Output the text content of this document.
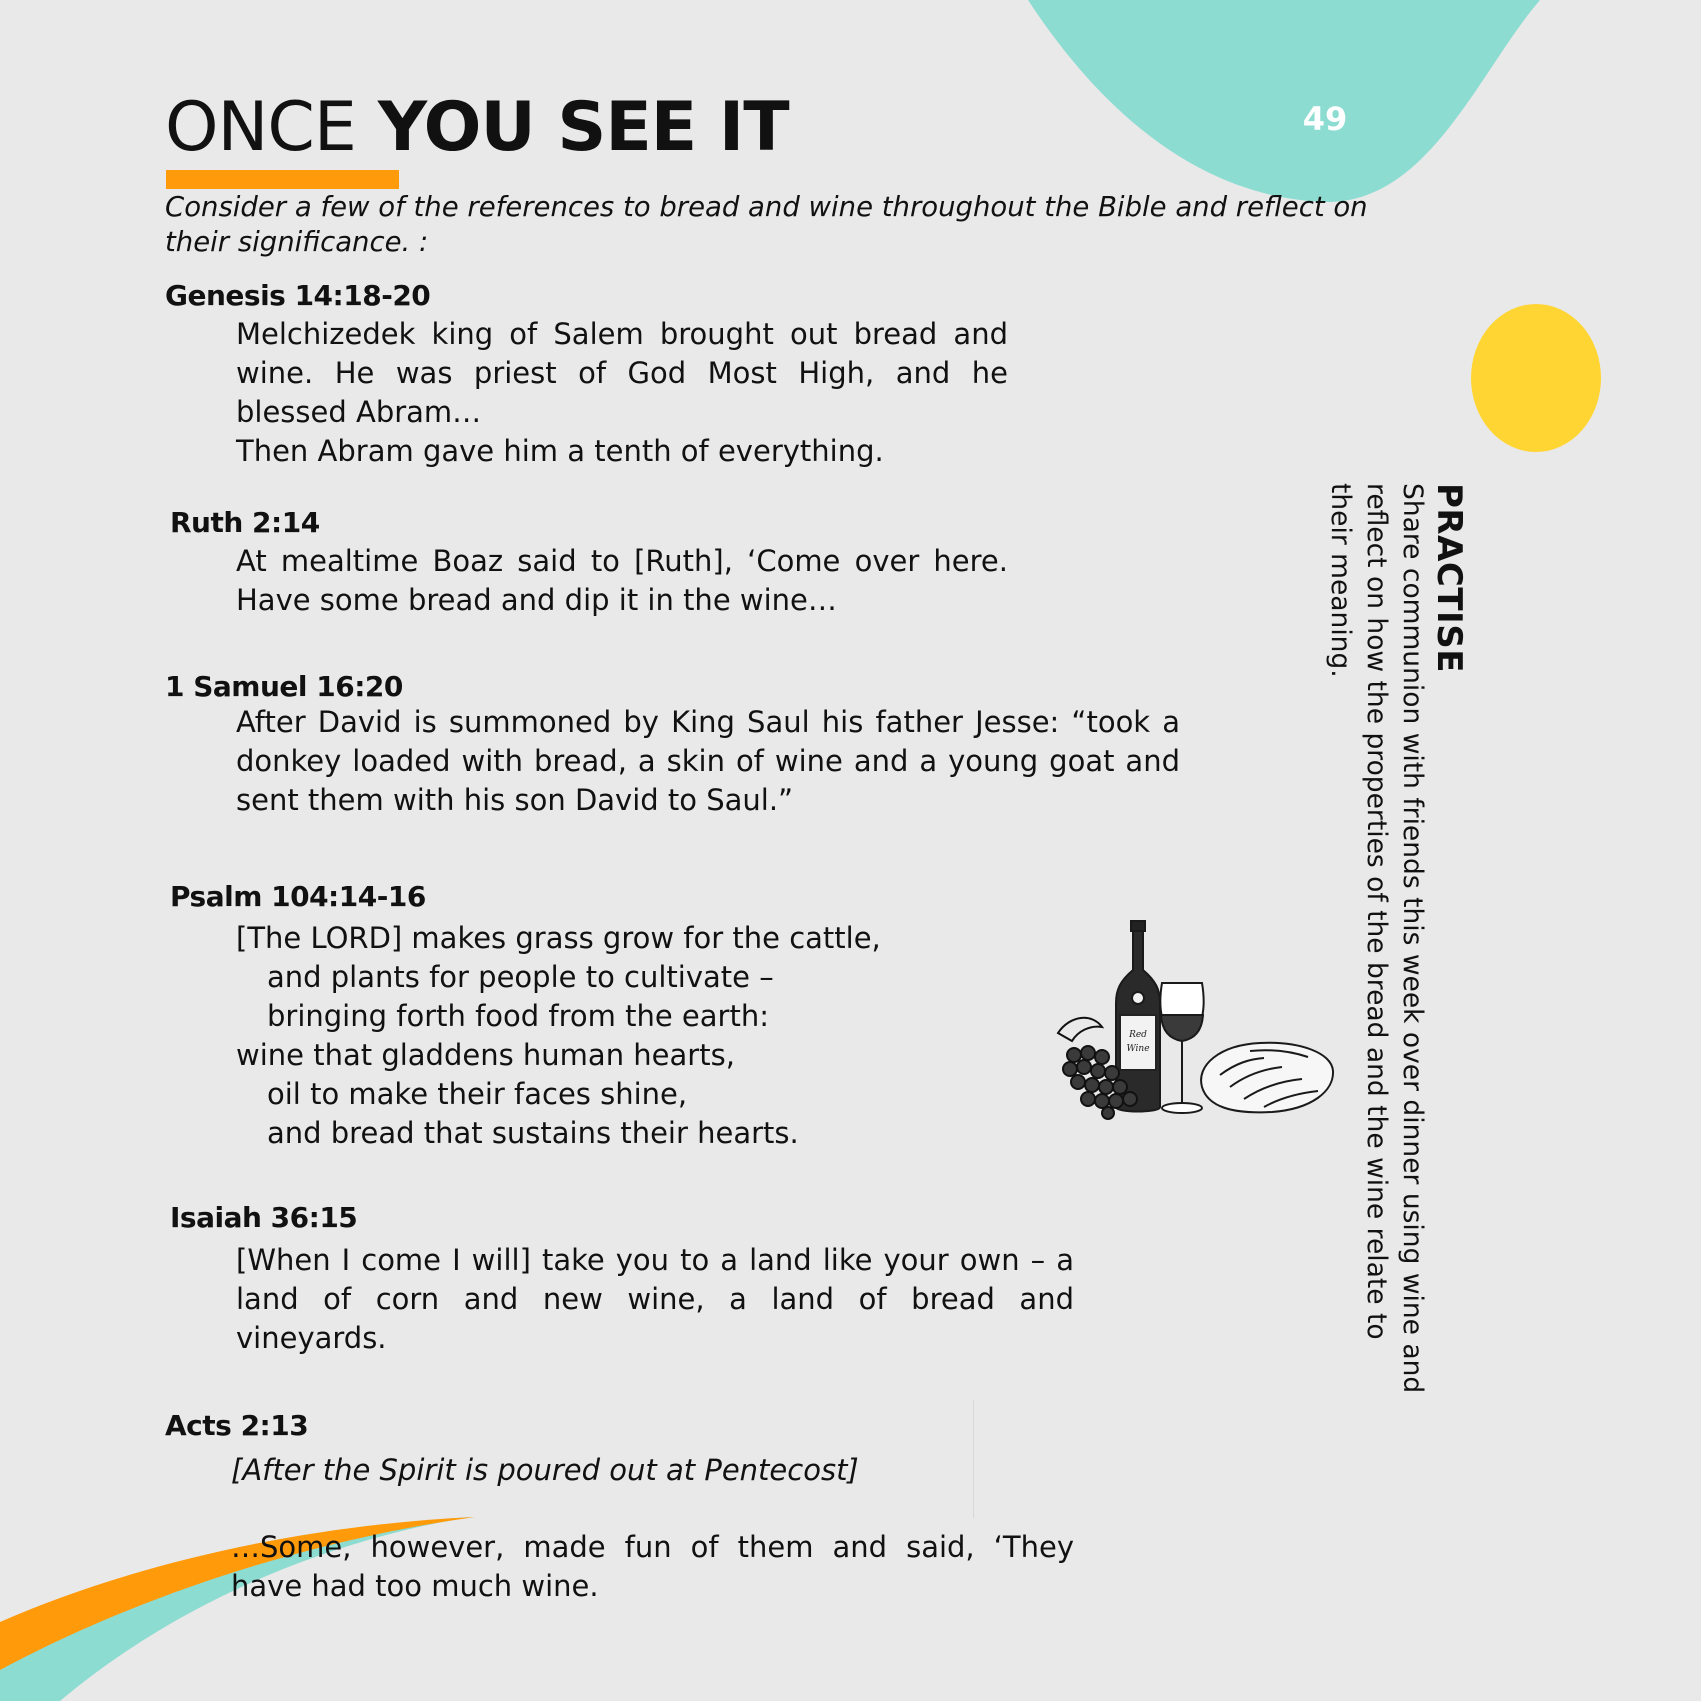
ONCE YOU SEE IT	49
Consider a few of the references to bread and wine throughout the Bible and reflect on their significance. :
Genesis 14:18-20
Melchizedek king of Salem brought out bread and wine. He was priest of God Most High, and he blessed Abram…
Then Abram gave him a tenth of everything.
Ruth 2:14
At mealtime Boaz said to [Ruth], ‘Come over here. Have some bread and dip it in the wine…
1 Samuel 16:20
After David is summoned by King Saul his father Jesse: “took a donkey loaded with bread, a skin of wine and a young goat and sent them with his son David to Saul.”
Psalm 104:14-16
[The LORD] makes grass grow for the cattle,
and plants for people to cultivate –
bringing forth food from the earth:
wine that gladdens human hearts,
oil to make their faces shine,
and bread that sustains their hearts.
Isaiah 36:15
[When I come I will] take you to a land like your own – a land of corn and new wine, a land of bread and vineyards.
Acts 2:13
[After the Spirit is poured out at Pentecost]
…Some, however, made fun of them and said, ‘They have had too much wine.
PRACTISE
Share communion with friends this week over dinner using wine and reflect on how the properties of the bread and the wine relate to their meaning.
Red
Wine
